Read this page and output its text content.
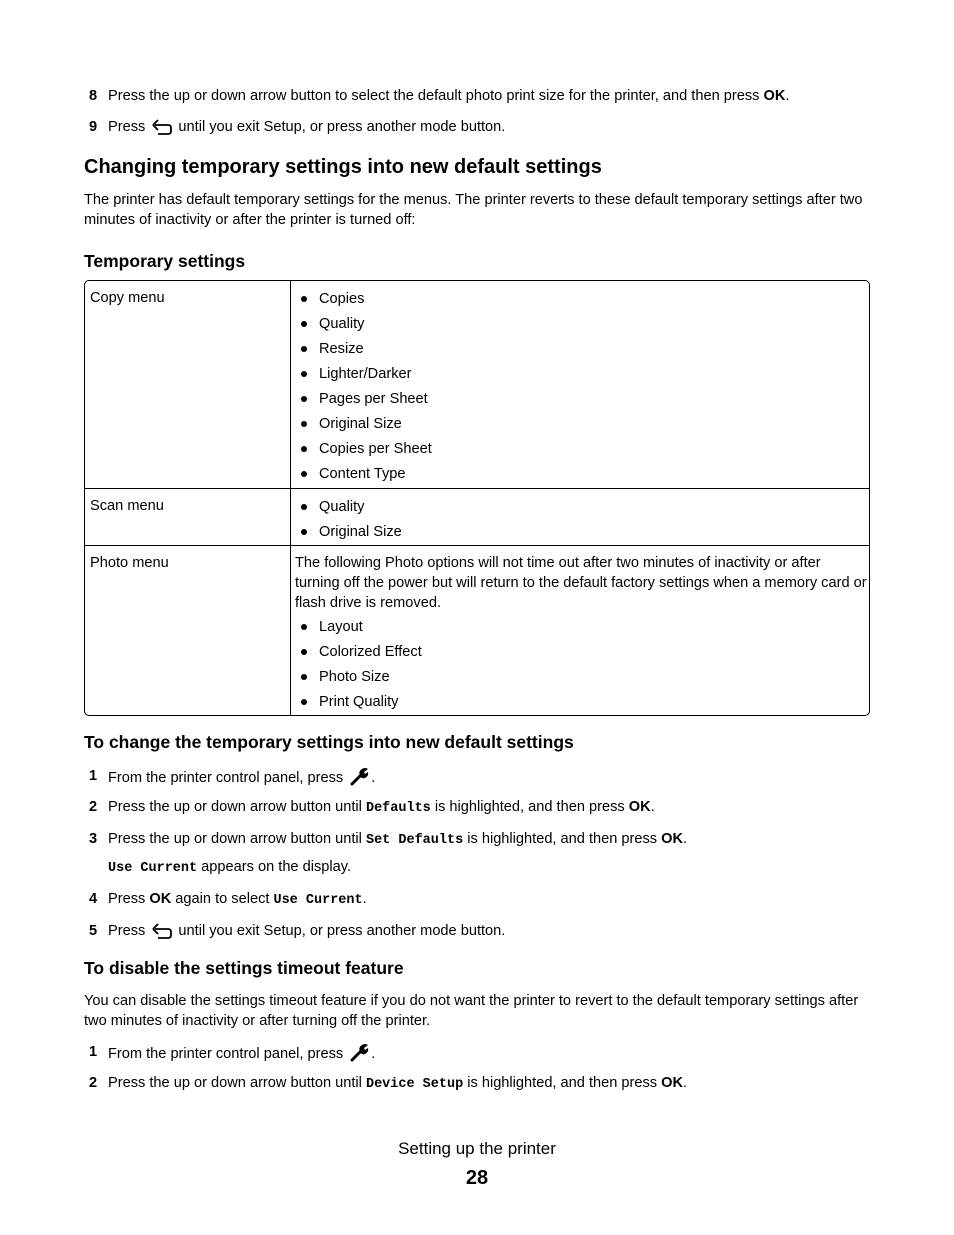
8 Press the up or down arrow button to select the default photo print size for the printer, and then press OK.
9 Press  until you exit Setup, or press another mode button.
Changing temporary settings into new default settings

The printer has default temporary settings for the menus. The printer reverts to these default temporary settings after two minutes of inactivity or after the printer is turned off:

Temporary settings
Copy menu	Copies
Quality
Resize
Lighter/Darker
Pages per Sheet
Original Size
Copies per Sheet
Content Type
Scan menu	Quality
Original Size
Photo menu	The following Photo options will not time out after two minutes of inactivity or after turning off the power but will return to the default factory settings when a memory card or flash drive is removed.

Layout
Colorized Effect
Photo Size
Print Quality
To change the temporary settings into new default settings
1 From the printer control panel, press .
2 Press the up or down arrow button until Defaults is highlighted, and then press OK.
3 Press the up or down arrow button until Set Defaults is highlighted, and then press OK.
Use Current appears on the display.
4 Press OK again to select Use Current.
5 Press  until you exit Setup, or press another mode button.
To disable the settings timeout feature

You can disable the settings timeout feature if you do not want the printer to revert to the default temporary settings after two minutes of inactivity or after turning off the printer.

1 From the printer control panel, press .
2 Press the up or down arrow button until Device Setup is highlighted, and then press OK.
Setting up the printer
28
